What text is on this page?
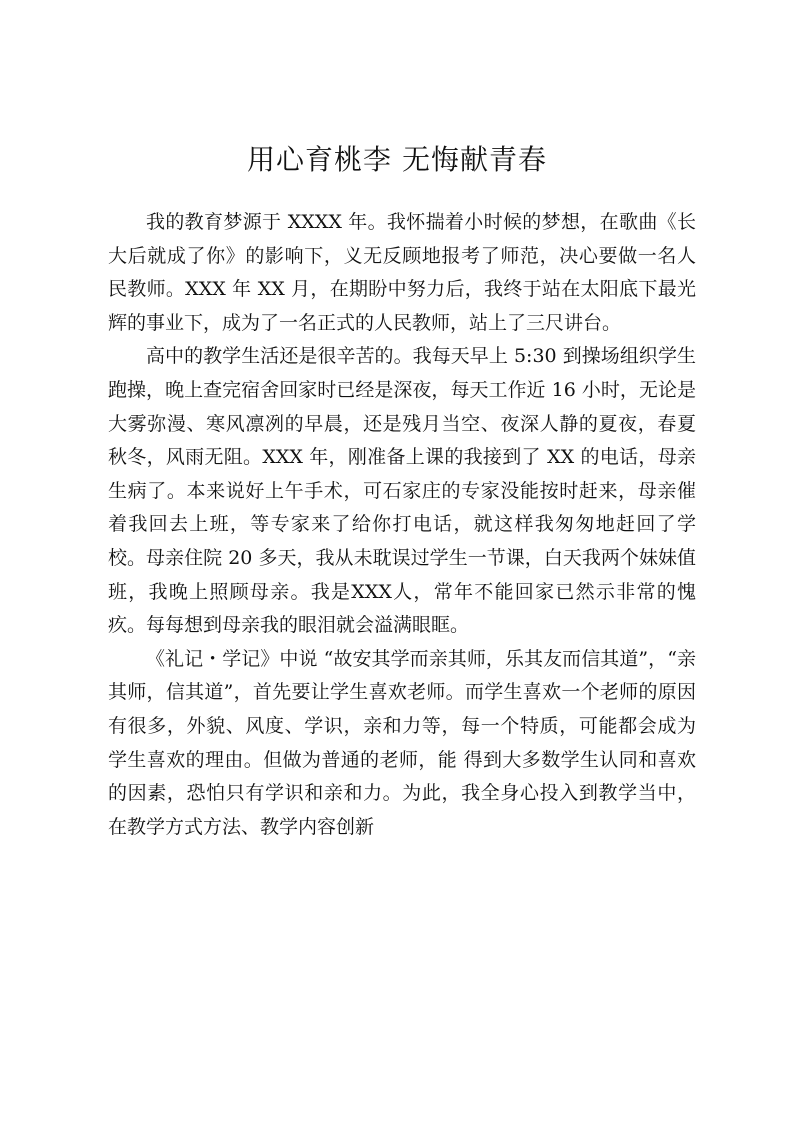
用心育桃李 无悔献青春

我的教育梦源于 XXXX 年。我怀揣着小时候的梦想，在歌曲《长大后就成了你》的影响下，义无反顾地报考了师范，决心要做一名人民教师。XXX 年 XX 月，在期盼中努力后，我终于站在太阳底下最光辉的事业下，成为了一名正式的人民教师，站上了三尺讲台。

高中的教学生活还是很辛苦的。我每天早上 5:30 到操场组织学生跑操，晚上查完宿舍回家时已经是深夜，每天工作近 16 小时，无论是大雾弥漫、寒风凛冽的早晨，还是残月当空、夜深人静的夏夜，春夏秋冬，风雨无阻。XXX 年，刚准备上课的我接到了 XX 的电话，母亲生病了。本来说好上午手术，可石家庄的专家没能按时赶来，母亲催着我回去上班，等专家来了给你打电话，就这样我匆匆地赶回了学校。母亲住院 20 多天，我从未耽误过学生一节课，白天我两个妹妹值班，我晚上照顾母亲。我是XXX人，常年不能回家已然示非常的愧疚。每每想到母亲我的眼泪就会溢满眼眶。

《礼记・学记》中说 “故安其学而亲其师，乐其友而信其道”，“亲其师，信其道”，首先要让学生喜欢老师。而学生喜欢一个老师的原因有很多，外貌、风度、学识，亲和力等，每一个特质，可能都会成为学生喜欢的理由。但做为普通的老师，能 得到大多数学生认同和喜欢的因素，恐怕只有学识和亲和力。为此，我全身心投入到教学当中，在教学方式方法、教学内容创新
